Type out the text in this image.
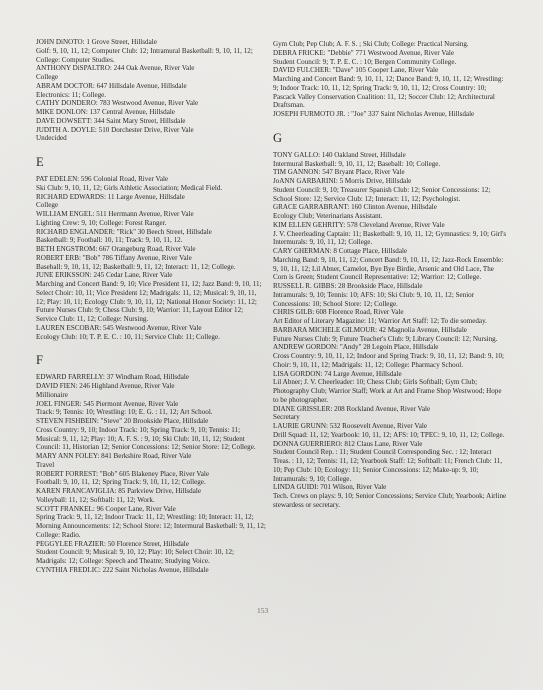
JOHN DiNOTO: 1 Grove Street, Hillsdale

Golf: 9, 10, 11, 12; Computer Club: 12; Intramural Basketball: 9, 10, 11, 12; College: Computer Studies.

ANTHONY DiSPALTRO: 244 Oak Avenue, River Vale

College

ABRAM DOCTOR: 647 Hillsdale Avenue, Hillsdale

Electronics: 11; College.

CATHY DONDERO: 783 Westwood Avenue, River Vale

MIKE DONLON: 137 Central Avenue, Hillsdale

DAVE DOWSETT: 344 Saint Mary Street, Hillsdale

JUDITH A. DOYLE: 510 Dorchester Drive, River Vale

Undecided

E

PAT EDELEN: 596 Colonial Road, River Vale

Ski Club: 9, 10, 11, 12; Girls Athletic Association; Medical Field.

RICHARD EDWARDS: 11 Large Avenue, Hillsdale

College

WILLIAM ENGEL: 511 Herrmann Avenue, River Vale

Lighting Crew: 9, 10; College: Forest Ranger.

RICHARD ENGLANDER: "Rick" 30 Beech Street, Hillsdale

Basketball: 9; Football: 10, 11; Track: 9, 10, 11, 12.

BETH ENGSTROM: 667 Orangeburg Road, River Vale

ROBERT ERB: "Bob" 786 Tiffany Avenue, River Vale

Baseball: 9, 10, 11, 12; Basketball: 9, 11, 12; Interact: 11, 12; College.

JUNE ERIKSSON: 245 Cedar Lane, River Vale

Marching and Concert Band: 9, 10; Vice President 11, 12; Jazz Band: 9, 10, 11; Select Choir: 10, 11; Vice President 12; Madrigals: 11, 12; Musical: 9, 10, 11, 12; Play: 10, 11; Ecology Club: 9, 10, 11, 12; National Honor Society: 11, 12; Future Nurses Club: 9; Chess Club: 9, 10; Warrior: 11, Layout Editor 12; Service Club: 11, 12; College: Nursing.

LAUREN ESCOBAR: 545 Westwood Avenue, River Vale

Ecology Club: 10; T. P. E. C. : 10, 11; Service Club: 11; College.

F

EDWARD FARRELLY: 37 Windham Road, Hillsdale

DAVID FIEN: 246 Highland Avenue, River Vale

Millionaire

JOEL FINGER: 545 Piermont Avenue, River Vale

Track: 9; Tennis: 10; Wrestling: 10; E. G. : 11, 12; Art School.

STEVEN FISHBEIN: "Steve" 20 Brookside Place, Hillsdale

Cross Country: 9, 10; Indoor Track: 10; Spring Track: 9, 10; Tennis: 11; Musical: 9, 11, 12; Play: 10; A. F. S. : 9, 10; Ski Club: 10, 11, 12; Student Council: 11, Historian 12; Senior Concessions: 12; Senior Store: 12; College.

MARY ANN FOLEY: 841 Berkshire Road, River Vale

Travel

ROBERT FORREST: "Bob" 605 Blakeney Place, River Vale

Football: 9, 10, 11, 12; Spring Track: 9, 10, 11, 12; College.

KAREN FRANCAVIGLIA: 85 Parkview Drive, Hillsdale

Volleyball: 11, 12; Softball: 11, 12; Work.

SCOTT FRANKEL: 96 Cooper Lane, River Vale

Spring Track: 9, 11, 12; Indoor Track: 11, 12; Wrestling: 10; Interact: 11, 12; Morning Announcements: 12; School Store: 12; Intermural Basketball: 9, 11, 12; College: Radio.

PEGGYLEE FRAZIER: 50 Florence Street, Hillsdale

Student Council: 9; Musical: 9, 10, 12; Play: 10; Select Choir: 10, 12; Madrigals: 12; College: Speech and Theatre; Studying Voice.

CYNTHIA FREDLIC: 222 Saint Nicholas Avenue, Hillsdale

Gym Club; Pep Club; A. F. S. ; Ski Club; College: Practical Nursing.

DEBRA FRICKE: "Debbie" 771 Westwood Avenue, River Vale

Student Council: 9; T. P. E. C. : 10; Bergen Community College.

DAVID FULCHER: "Dave" 105 Cooper Lane, River Vale

Marching and Concert Band: 9, 10, 11, 12; Dance Band: 9, 10, 11, 12; Wrestling: 9; Indoor Track: 10, 11, 12; Spring Track: 9, 10, 11, 12; Cross Country: 10; Pascack Valley Conservation Coalition: 11, 12; Soccer Club: 12; Architectural Draftsman.

JOSEPH FURMOTO JR. : "Joe" 337 Saint Nicholas Avenue, Hillsdale

G

TONY GALLO: 140 Oakland Street, Hillsdale

Intermural Basketball: 9, 10, 11, 12; Baseball: 10; College.

TIM GANNON: 547 Bryant Place, River Vale

JoANN GARBARINI: 5 Morris Drive, Hillsdale

Student Council: 9, 10; Treasurer Spanish Club: 12; Senior Concessions: 12; School Store: 12; Service Club: 12; Interact: 11, 12; Psychologist.

GRACE GARRABRANT: 160 Clinton Avenue, Hillsdale

Ecology Club; Veterinarians Assistant.

KIM ELLEN GEHRITY: 578 Cleveland Avenue, River Vale

J. V. Cheerleading Captain: 11; Basketball: 9, 10, 11, 12; Gymnastics: 9, 10; Girl's Intermurals: 9, 10, 11, 12; College.

CARY GHERMAN: 8 Cottage Place, Hillsdale

Marching Band: 9, 10, 11, 12; Concert Band: 9, 10, 11, 12; Jazz-Rock Ensemble: 9, 10, 11, 12; Lil Abner, Camelot, Bye Bye Birdie, Arsenic and Old Lace, The Corn is Green; Student Council Representative: 12; Warrior: 12; College.

RUSSELL R. GIBBS: 28 Brookside Place, Hillsdale

Intramurals: 9, 10; Tennis: 10; AFS: 10; Ski Club: 9, 10, 11, 12; Senior Concessions: 10; School Store: 12; College.

CHRIS GILB: 608 Florence Road, River Vale

Art Editor of Literary Magazine: 11; Warrior Art Staff: 12; To die someday.

BARBARA MICHELE GILMOUR: 42 Magnolia Avenue, Hillsdale

Future Nurses Club: 9; Future Teacher's Club: 9; Library Council: 12; Nursing.

ANDREW GORDON: "Andy" 28 Legoin Place, Hillsdale

Cross Country: 9, 10, 11, 12; Indoor and Spring Track: 9, 10, 11, 12; Band: 9, 10; Choir: 9, 10, 11, 12; Madrigals: 11, 12; College: Pharmacy School.

LISA GORDON: 74 Large Avenue, Hillsdale

Lil Abner; J. V. Cheerleader: 10; Chess Club; Girls Softball; Gym Club; Photography Club; Warrior Staff; Work at Art and Frame Shop Westwood; Hope to be photographer.

DIANE GRISSLER: 208 Rockland Avenue, River Vale

Secretary

LAURIE GRUNN: 532 Roosevelt Avenue, River Vale

Drill Squad: 11, 12; Yearbook: 10, 11, 12; AFS: 10; TPEC: 9, 10, 11, 12; College.

DONNA GUERRIERO: 812 Claus Lane, River Vale

Student Council Rep. : 11; Student Council Corresponding Sec. : 12; Interact Treas. : 11, 12; Tennis: 11, 12; Yearbook Staff: 12; Softball: 11; French Club: 11, 10; Pep Club: 10; Ecology: 11; Senior Concessions: 12; Make-up: 9, 10; Intramurals: 9, 10; College.

LINDA GUIDI: 701 Wilson, River Vale

Tech. Crews on plays: 9, 10; Senior Concessions; Service Club; Yearbook; Airline stewardess or secretary.

153
